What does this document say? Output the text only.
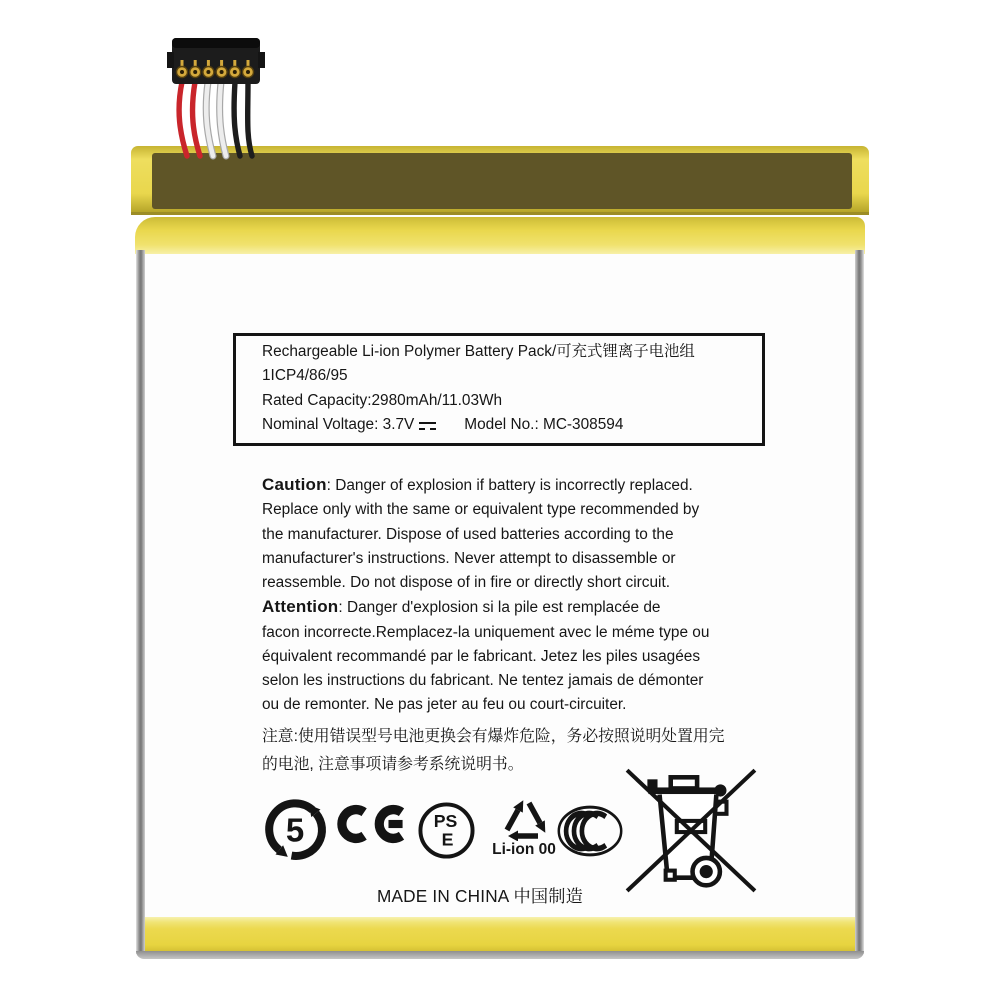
Rechargeable Li-ion Polymer Battery Pack/可充式锂离子电池组
1ICP4/86/95
Rated Capacity:2980mAh/11.03Wh
Nominal Voltage: 3.7V	Model No.: MC-308594
Caution: Danger of explosion if battery is incorrectly replaced.
Replace only with the same or equivalent type recommended by
the manufacturer. Dispose of used batteries according to the
manufacturer's instructions. Never attempt to disassemble or
reassemble. Do not dispose of in fire or directly short circuit.
Attention: Danger d'explosion si la pile est remplacée de
facon incorrecte.Remplacez-la uniquement avec le méme type ou
équivalent recommandé par le fabricant. Jetez les piles usagées
selon les instructions du fabricant. Ne tentez jamais de démonter
ou de remonter. Ne pas jeter au feu ou court-circuiter.
注意:使用错误型号电池更换会有爆炸危险，务必按照说明处置用完
的电池, 注意事项请参考系统说明书。
5	PS
E	Li-ion 00
MADE IN CHINA 中国制造
